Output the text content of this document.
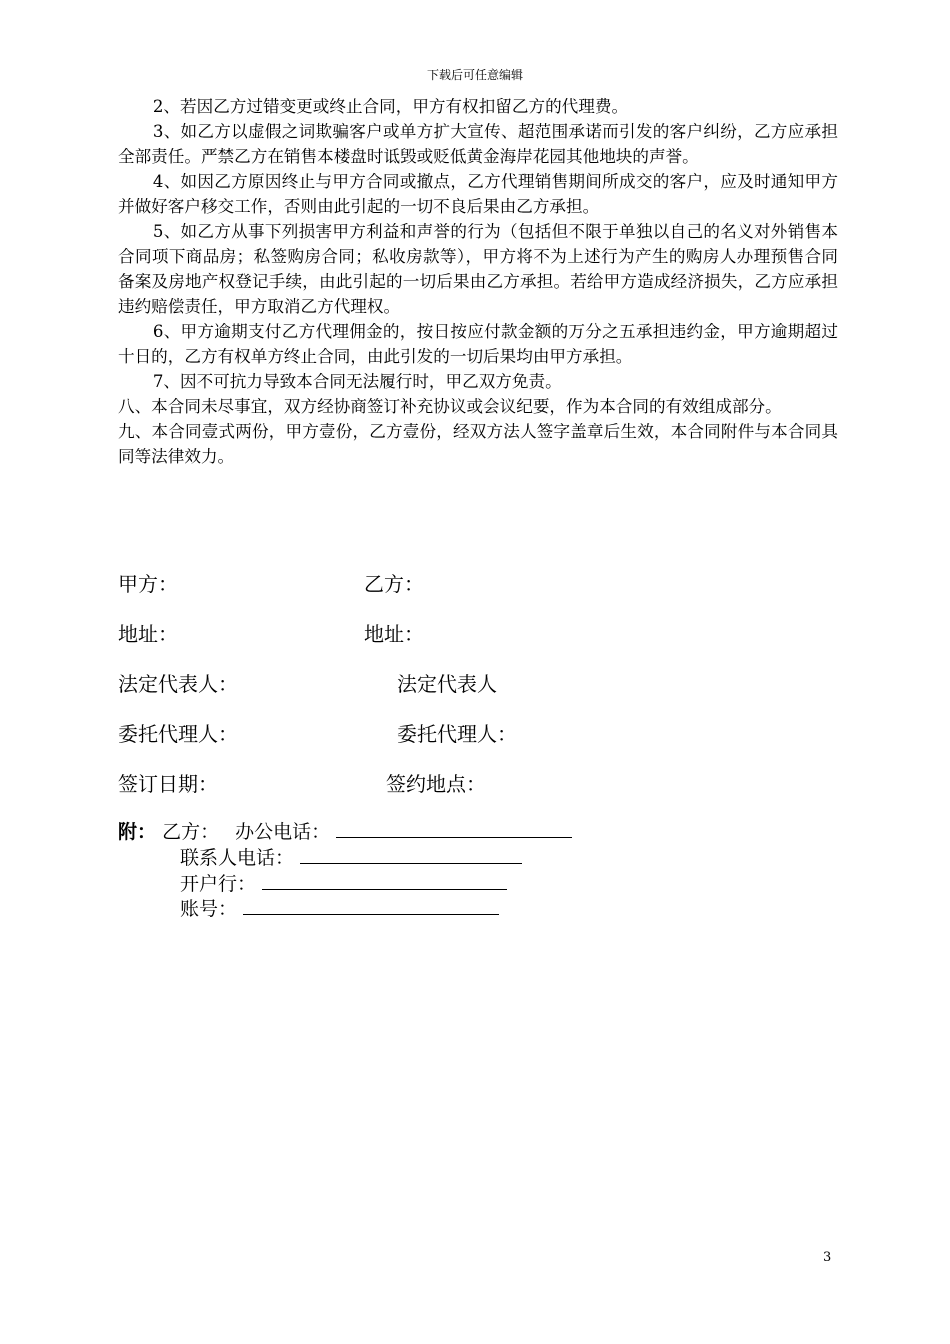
下载后可任意编辑

2、若因乙方过错变更或终止合同，甲方有权扣留乙方的代理费。

3、如乙方以虚假之词欺骗客户或单方扩大宣传、超范围承诺而引发的客户纠纷，乙方应承担全部责任。严禁乙方在销售本楼盘时诋毁或贬低黄金海岸花园其他地块的声誉。

4、如因乙方原因终止与甲方合同或撤点，乙方代理销售期间所成交的客户，应及时通知甲方并做好客户移交工作，否则由此引起的一切不良后果由乙方承担。

5、如乙方从事下列损害甲方利益和声誉的行为（包括但不限于单独以自己的名义对外销售本合同项下商品房；私签购房合同；私收房款等），甲方将不为上述行为产生的购房人办理预售合同备案及房地产权登记手续，由此引起的一切后果由乙方承担。若给甲方造成经济损失，乙方应承担违约赔偿责任，甲方取消乙方代理权。

6、甲方逾期支付乙方代理佣金的，按日按应付款金额的万分之五承担违约金，甲方逾期超过十日的，乙方有权单方终止合同，由此引发的一切后果均由甲方承担。

7、因不可抗力导致本合同无法履行时，甲乙双方免责。

八、本合同未尽事宜，双方经协商签订补充协议或会议纪要，作为本合同的有效组成部分。

九、本合同壹式两份，甲方壹份，乙方壹份，经双方法人签字盖章后生效，本合同附件与本合同具同等法律效力。

甲方：	乙方：
地址：	地址：
法定代表人：	法定代表人
委托代理人：	委托代理人：
签订日期：	签约地点：
附： 乙方： 办公电话：
联系人电话：
开户行：
账号：
3
